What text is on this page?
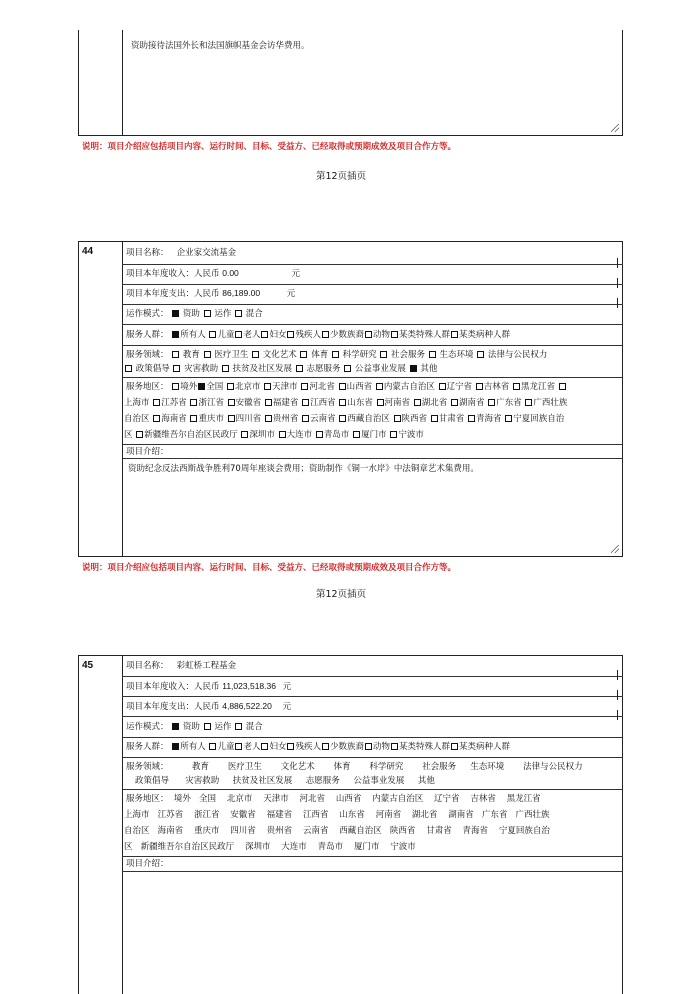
资助接待法国外长和法国旗帜基金会访华费用。
说明：项目介绍应包括项目内容、运行时间、目标、受益方、已经取得或预期成效及项目合作方等。
第12页插页
44	项目名称： 企业家交流基金
项目本年度收入：人民币 0.00	元
项目本年度支出：人民币 86,189.00	元
运作模式： 资助 运作 混合
服务人群： 所有人 儿童 老人 妇女 残疾人 少数族裔 动物 某类特殊人群 某类病种人群
服务领域： 教育 医疗卫生 文化艺术 体育 科学研究 社会服务 生态环境 法律与公民权力
政策倡导 灾害救助 扶贫及社区发展 志愿服务 公益事业发展 其他
服务地区： 境外 全国 北京市 天津市 河北省 山西省 内蒙古自治区 辽宁省 吉林省 黑龙江省
上海市 江苏省 浙江省 安徽省 福建省 江西省 山东省 河南省 湖北省 湖南省 广东省 广西壮族
自治区 海南省 重庆市 四川省 贵州省 云南省 西藏自治区 陕西省 甘肃省 青海省 宁夏回族自治
区 新疆维吾尔自治区民政厅 深圳市 大连市 青岛市 厦门市 宁波市
项目介绍：
资助纪念反法西斯战争胜利70周年座谈会费用；资助制作《铜一水岸》中法铜章艺术集费用。
说明：项目介绍应包括项目内容、运行时间、目标、受益方、已经取得或预期成效及项目合作方等。
第12页插页
45	项目名称： 彩虹桥工程基金
项目本年度收入：人民币 11,023,518.36 元
项目本年度支出：人民币 4,886,522.20 元
运作模式： 资助 运作 混合
服务人群： 所有人 儿童 老人 妇女 残疾人 少数族裔 动物 某类特殊人群 某类病种人群
服务领域：	教育 医疗卫生 文化艺术 体育 科学研究 社会服务 生态环境 法律与公民权力
政策倡导 灾害救助 扶贫及社区发展 志愿服务 公益事业发展 其他
服务地区： 境外 全国 北京市 天津市 河北省 山西省 内蒙古自治区 辽宁省 吉林省 黑龙江省
上海市 江苏省 浙江省 安徽省 福建省 江西省 山东省 河南省 湖北省 湖南省 广东省 广西壮族
自治区 海南省 重庆市 四川省 贵州省 云南省 西藏自治区 陕西省 甘肃省 青海省 宁夏回族自治
区 新疆维吾尔自治区民政厅 深圳市 大连市 青岛市 厦门市 宁波市
项目介绍：
